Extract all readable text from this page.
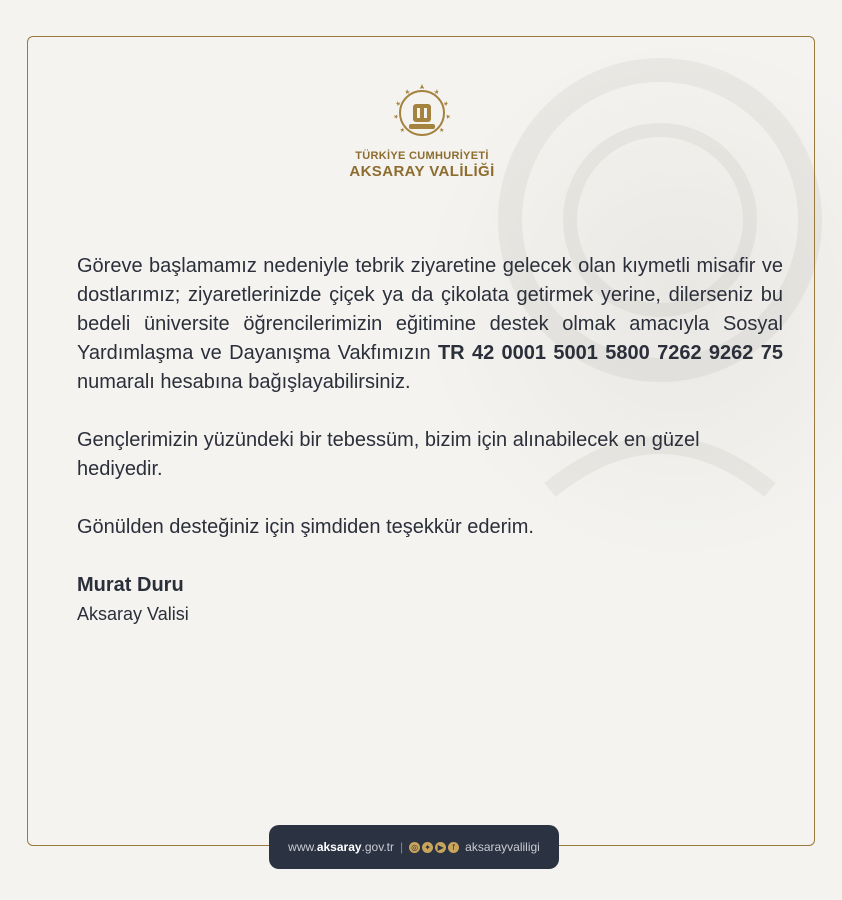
TÜRKİYE CUMHURİYETİ
AKSARAY VALİLİĞİ

Göreve başlamamız nedeniyle tebrik ziyaretine gelecek olan kıymetli misafir ve dostlarımız; ziyaretlerinizde çiçek ya da çikolata getirmek yerine, dilerseniz bu bedeli üniversite öğrencilerimizin eğitimine destek olmak amacıyla Sosyal Yardımlaşma ve Dayanışma Vakfımızın TR 42 0001 5001 5800 7262 9262 75 numaralı hesabına bağışlayabilirsiniz.

Gençlerimizin yüzündeki bir tebessüm, bizim için alınabilecek en güzel hediyedir.

Gönülden desteğiniz için şimdiden teşekkür ederim.

Murat Duru

Aksaray Valisi

www.aksaray.gov.tr | ◎ ✦ ▶	f aksarayvaliligi
